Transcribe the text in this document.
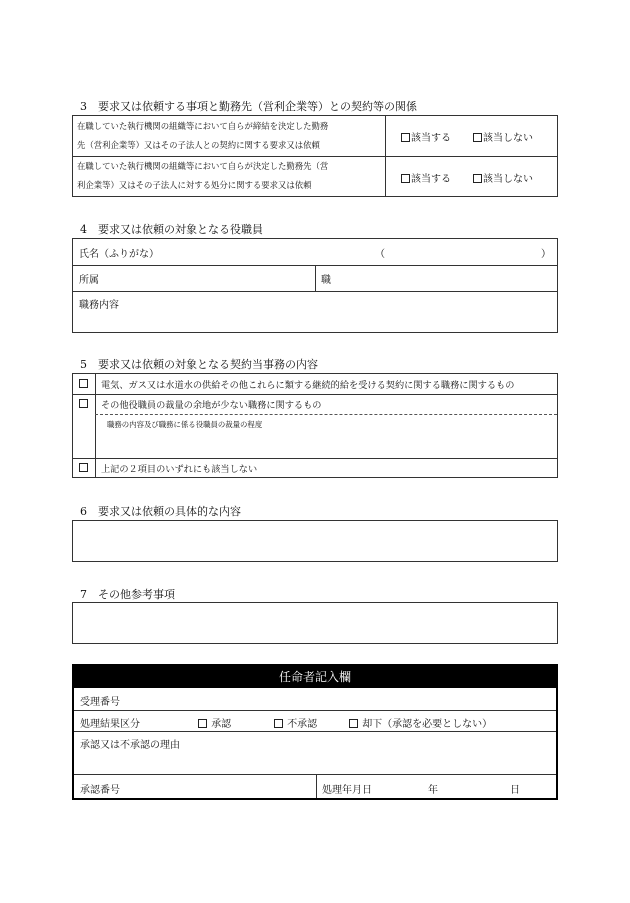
3 要求又は依頼する事項と勤務先（営利企業等）との契約等の関係
在職していた執行機関の組織等において自らが締結を決定した勤務
先（営利企業等）又はその子法人との契約に関する要求又は依頼
該当する	該当しない
在職していた執行機関の組織等において自らが決定した勤務先（営
利企業等）又はその子法人に対する処分に関する要求又は依頼	該当する	該当しない
4 要求又は依頼の対象となる役職員
氏名（ふりがな）	（	）
所属	職
職務内容
5 要求又は依頼の対象となる契約当事務の内容
電気、ガス又は水道水の供給その他これらに類する継続的給を受ける契約に関する職務に関するもの
その他役職員の裁量の余地が少ない職務に関するもの
職務の内容及び職務に係る役職員の裁量の程度
上記の２項目のいずれにも該当しない
6 要求又は依頼の具体的な内容
7 その他参考事項
任命者記入欄
受理番号
処理結果区分	承認	不承認	却下（承認を必要としない）
承認又は不承認の理由
承認番号	処理年月日	年	日
